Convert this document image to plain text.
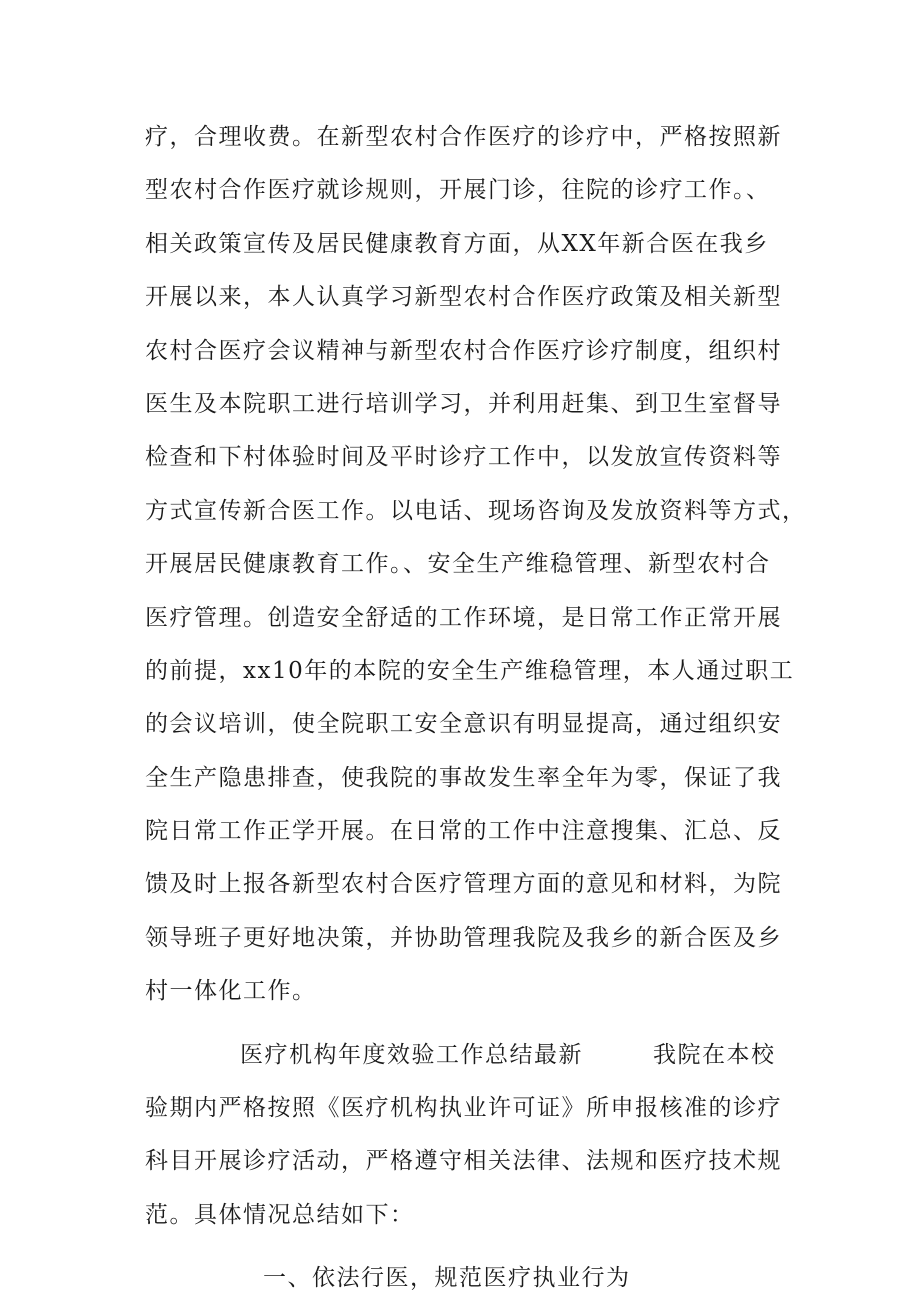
疗，合理收费。在新型农村合作医疗的诊疗中，严格按照新
型农村合作医疗就诊规则，开展门诊，往院的诊疗工作。、
相关政策宣传及居民健康教育方面，从XX年新合医在我乡
开展以来，本人认真学习新型农村合作医疗政策及相关新型
农村合医疗会议精神与新型农村合作医疗诊疗制度，组织村
医生及本院职工进行培训学习，并利用赶集、到卫生室督导
检查和下村体验时间及平时诊疗工作中，以发放宣传资料等
方式宣传新合医工作。以电话、现场咨询及发放资料等方式，
开展居民健康教育工作。、安全生产维稳管理、新型农村合
医疗管理。创造安全舒适的工作环境，是日常工作正常开展
的前提，xx10年的本院的安全生产维稳管理，本人通过职工
的会议培训，使全院职工安全意识有明显提高，通过组织安
全生产隐患排查，使我院的事故发生率全年为零，保证了我
院日常工作正学开展。在日常的工作中注意搜集、汇总、反
馈及时上报各新型农村合医疗管理方面的意见和材料，为院
领导班子更好地决策，并协助管理我院及我乡的新合医及乡
村一体化工作。
医疗机构年度效验工作总结最新	我院在本校
验期内严格按照《医疗机构执业许可证》所申报核准的诊疗
科目开展诊疗活动，严格遵守相关法律、法规和医疗技术规
范。具体情况总结如下：
一、依法行医，规范医疗执业行为
